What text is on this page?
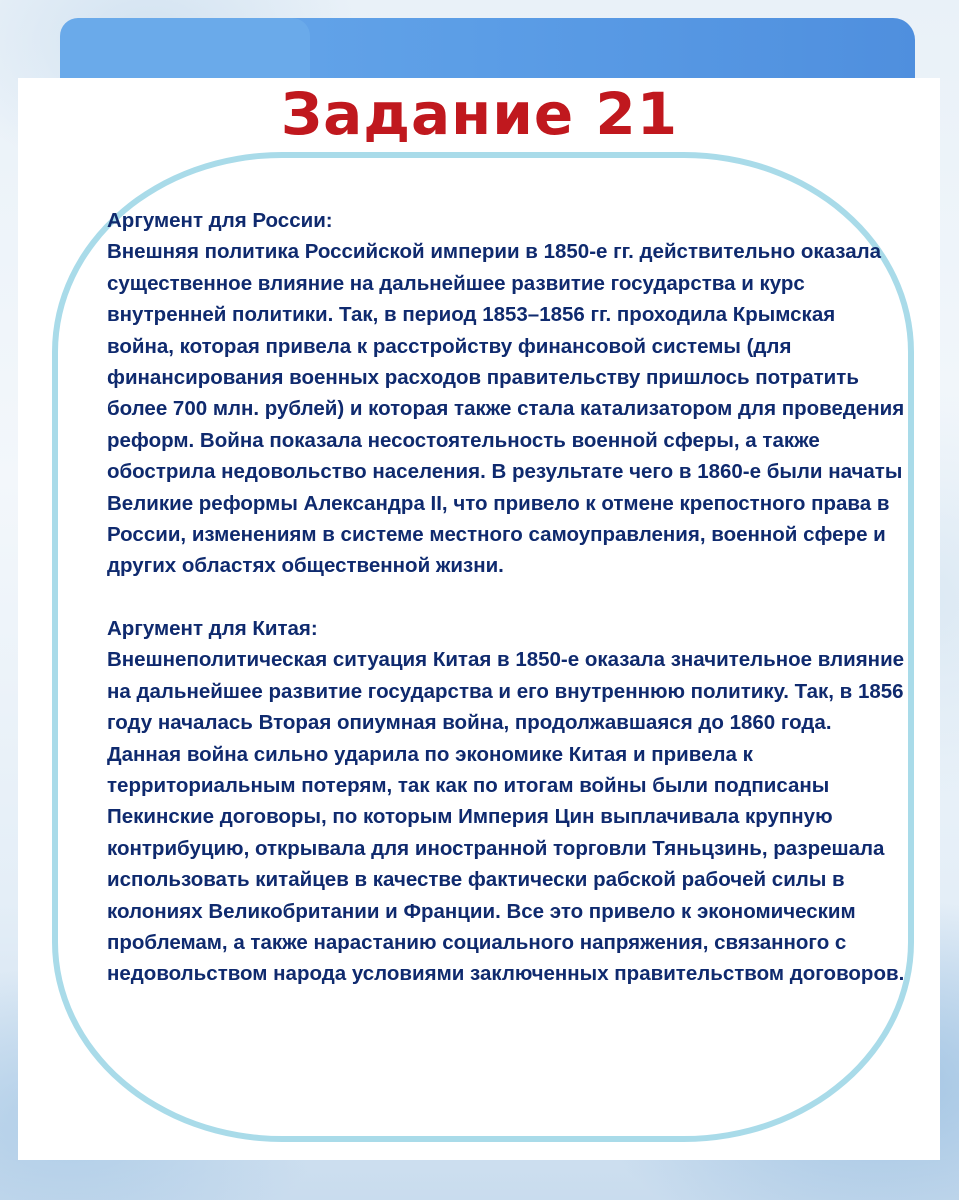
Задание 21
Аргумент для России:
Внешняя политика Российской империи в 1850-е гг. действительно оказала существенное влияние на дальнейшее развитие государства и курс внутренней политики. Так, в период 1853–1856 гг. проходила Крымская война, которая привела к расстройству финансовой системы (для финансирования военных расходов правительству пришлось потратить более 700 млн. рублей) и которая также стала катализатором для проведения реформ. Война показала несостоятельность военной сферы, а также обострила недовольство населения. В результате чего в 1860-е были начаты Великие реформы Александра II, что привело к отмене крепостного права в России, изменениям в системе местного самоуправления, военной сфере и других областях общественной жизни.
Аргумент для Китая:
Внешнеполитическая ситуация Китая в 1850-е оказала значительное влияние на дальнейшее развитие государства и его внутреннюю политику. Так, в 1856 году началась Вторая опиумная война, продолжавшаяся до 1860 года. Данная война сильно ударила по экономике Китая и привела к территориальным потерям, так как по итогам войны были подписаны Пекинские договоры, по которым Империя Цин выплачивала крупную контрибуцию, открывала для иностранной торговли Тяньцзинь, разрешала использовать китайцев в качестве фактически рабской рабочей силы в колониях Великобритании и Франции. Все это привело к экономическим проблемам, а также нарастанию социального напряжения, связанного с недовольством народа условиями заключенных правительством договоров.
